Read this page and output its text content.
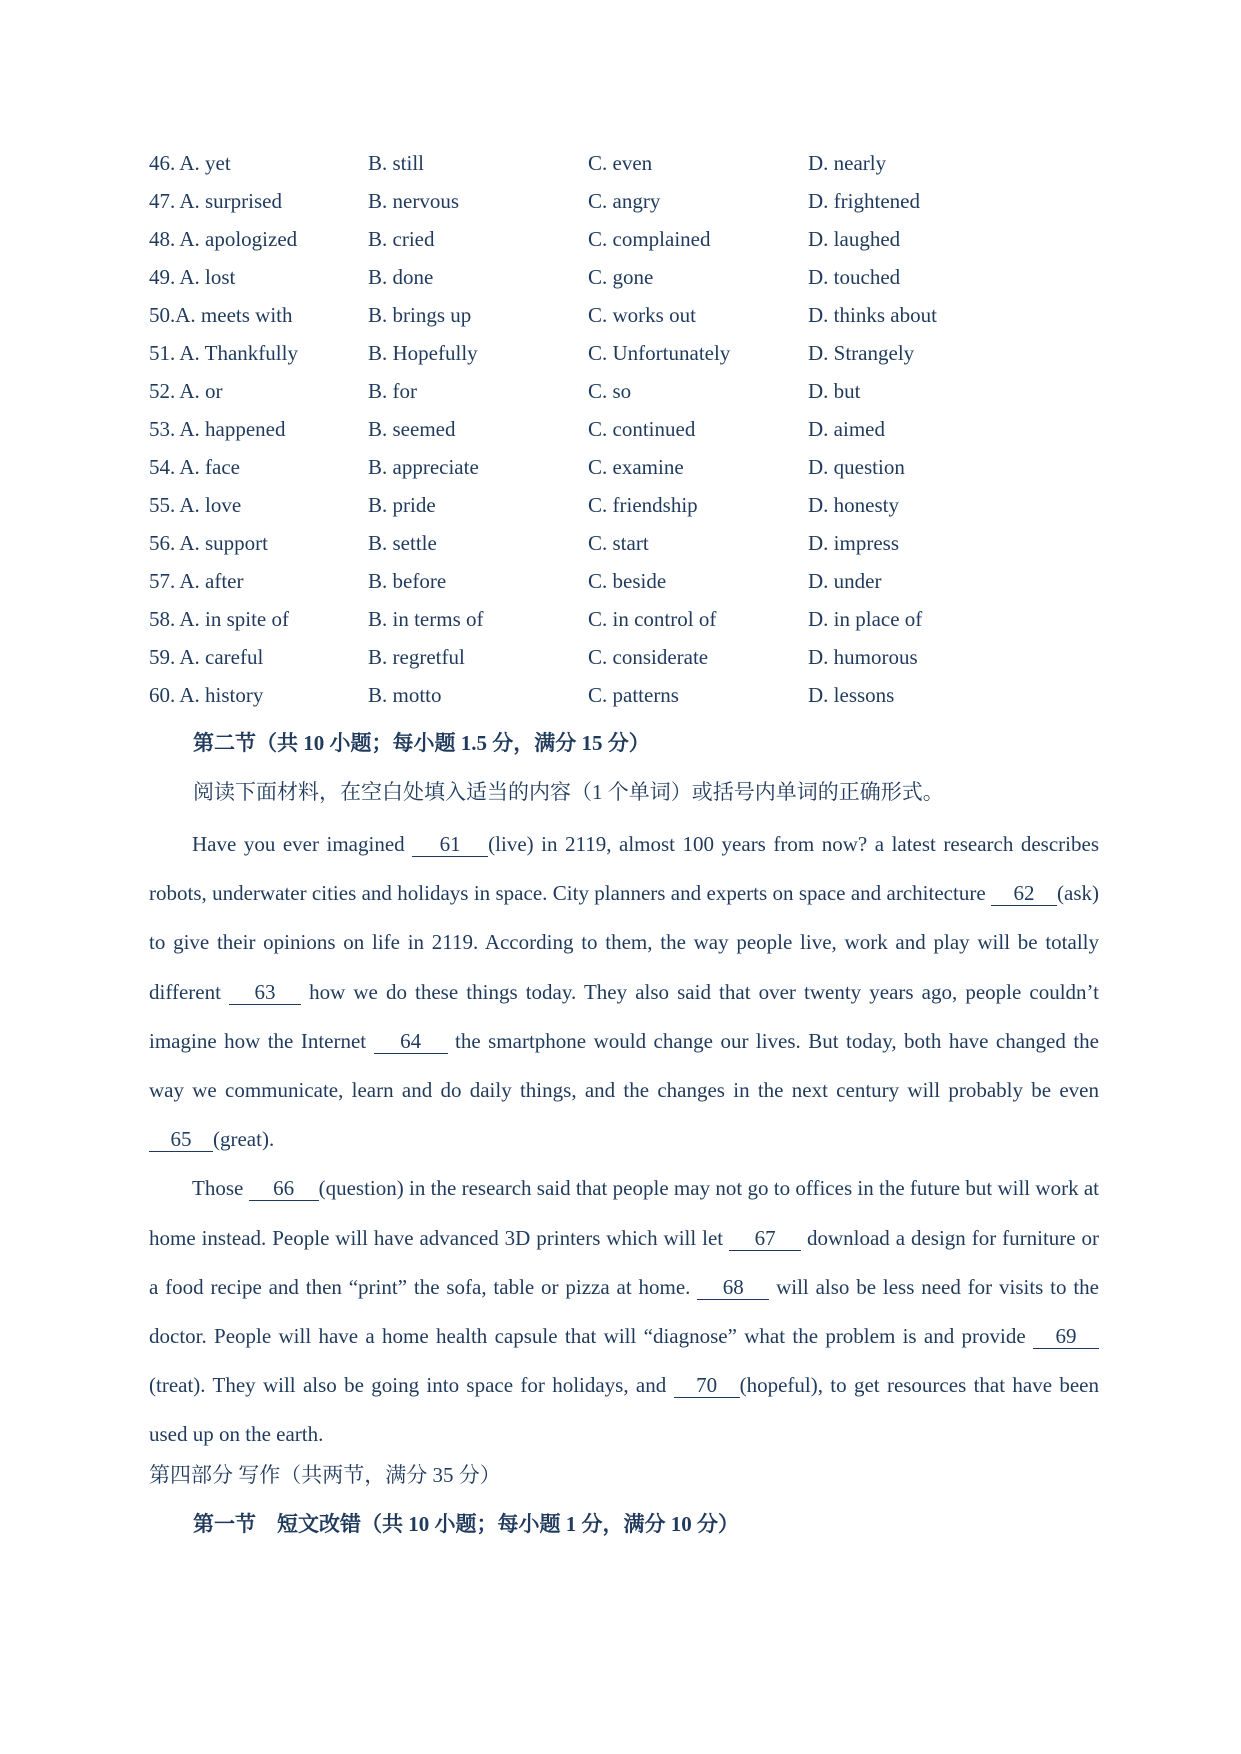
46. A. yet	B. still	C. even	D. nearly
47. A. surprised	B. nervous	C. angry	D. frightened
48. A. apologized	B. cried	C. complained	D. laughed
49. A. lost	B. done	C. gone	D. touched
50.A. meets with	B. brings up	C. works out	D. thinks about
51. A. Thankfully	B. Hopefully	C. Unfortunately	D. Strangely
52. A. or	B. for	C. so	D. but
53. A. happened	B. seemed	C. continued	D. aimed
54. A. face	B. appreciate	C. examine	D. question
55. A. love	B. pride	C. friendship	D. honesty
56. A. support	B. settle	C. start	D. impress
57. A. after	B. before	C. beside	D. under
58. A. in spite of	B. in terms of	C. in control of	D. in place of
59. A. careful	B. regretful	C. considerate	D. humorous
60. A. history	B. motto	C. patterns	D. lessons
第二节（共 10 小题；每小题 1.5 分，满分 15 分）
阅读下面材料，在空白处填入适当的内容（1 个单词）或括号内单词的正确形式。

Have you ever imagined 61 (live) in 2119, almost 100 years from now? a latest research describes robots, underwater cities and holidays in space. City planners and experts on space and architecture 62 (ask) to give their opinions on life in 2119. According to them, the way people live, work and play will be totally different 63 how we do these things today. They also said that over twenty years ago, people couldn’t imagine how the Internet 64 the smartphone would change our lives. But today, both have changed the way we communicate, learn and do daily things, and the changes in the next century will probably be even 65 (great).

Those 66 (question) in the research said that people may not go to offices in the future but will work at home instead. People will have advanced 3D printers which will let 67 download a design for furniture or a food recipe and then “print” the sofa, table or pizza at home. 68 will also be less need for visits to the doctor. People will have a home health capsule that will “diagnose” what the problem is and provide 69(treat). They will also be going into space for holidays, and 70 (hopeful), to get resources that have been used up on the earth.

第四部分 写作（共两节，满分 35 分）
第一节　短文改错（共 10 小题；每小题 1 分，满分 10 分）
